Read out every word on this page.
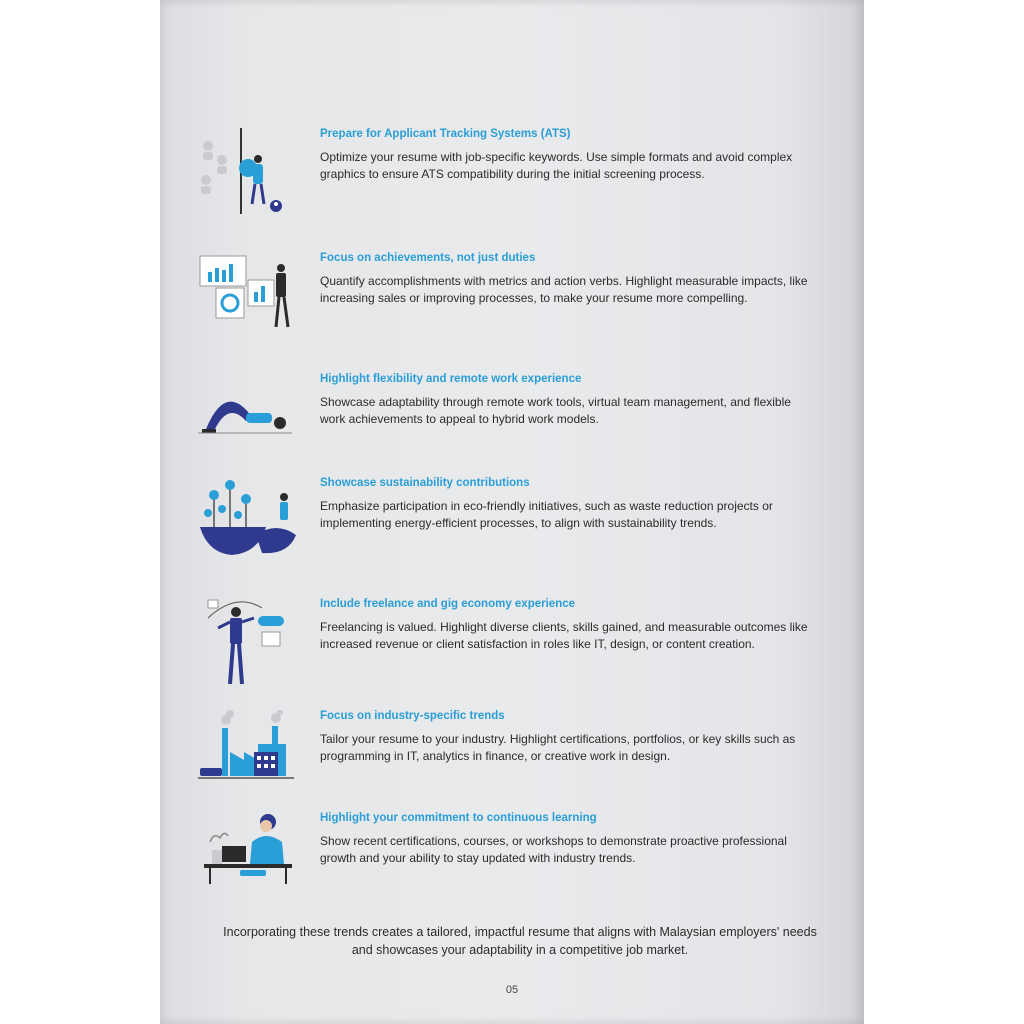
Prepare for Applicant Tracking Systems (ATS)

Optimize your resume with job-specific keywords. Use simple formats and avoid complex graphics to ensure ATS compatibility during the initial screening process.

Focus on achievements, not just duties

Quantify accomplishments with metrics and action verbs. Highlight measurable impacts, like increasing sales or improving processes, to make your resume more compelling.

Highlight flexibility and remote work experience

Showcase adaptability through remote work tools, virtual team management, and flexible work achievements to appeal to hybrid work models.

Showcase sustainability contributions

Emphasize participation in eco-friendly initiatives, such as waste reduction projects or implementing energy-efficient processes, to align with sustainability trends.

Include freelance and gig economy experience

Freelancing is valued. Highlight diverse clients, skills gained, and measurable outcomes like increased revenue or client satisfaction in roles like IT, design, or content creation.

Focus on industry-specific trends

Tailor your resume to your industry. Highlight certifications, portfolios, or key skills such as programming in IT, analytics in finance, or creative work in design.

Highlight your commitment to continuous learning

Show recent certifications, courses, or workshops to demonstrate proactive professional growth and your ability to stay updated with industry trends.

Incorporating these trends creates a tailored, impactful resume that aligns with Malaysian employers' needs and showcases your adaptability in a competitive job market.

05
